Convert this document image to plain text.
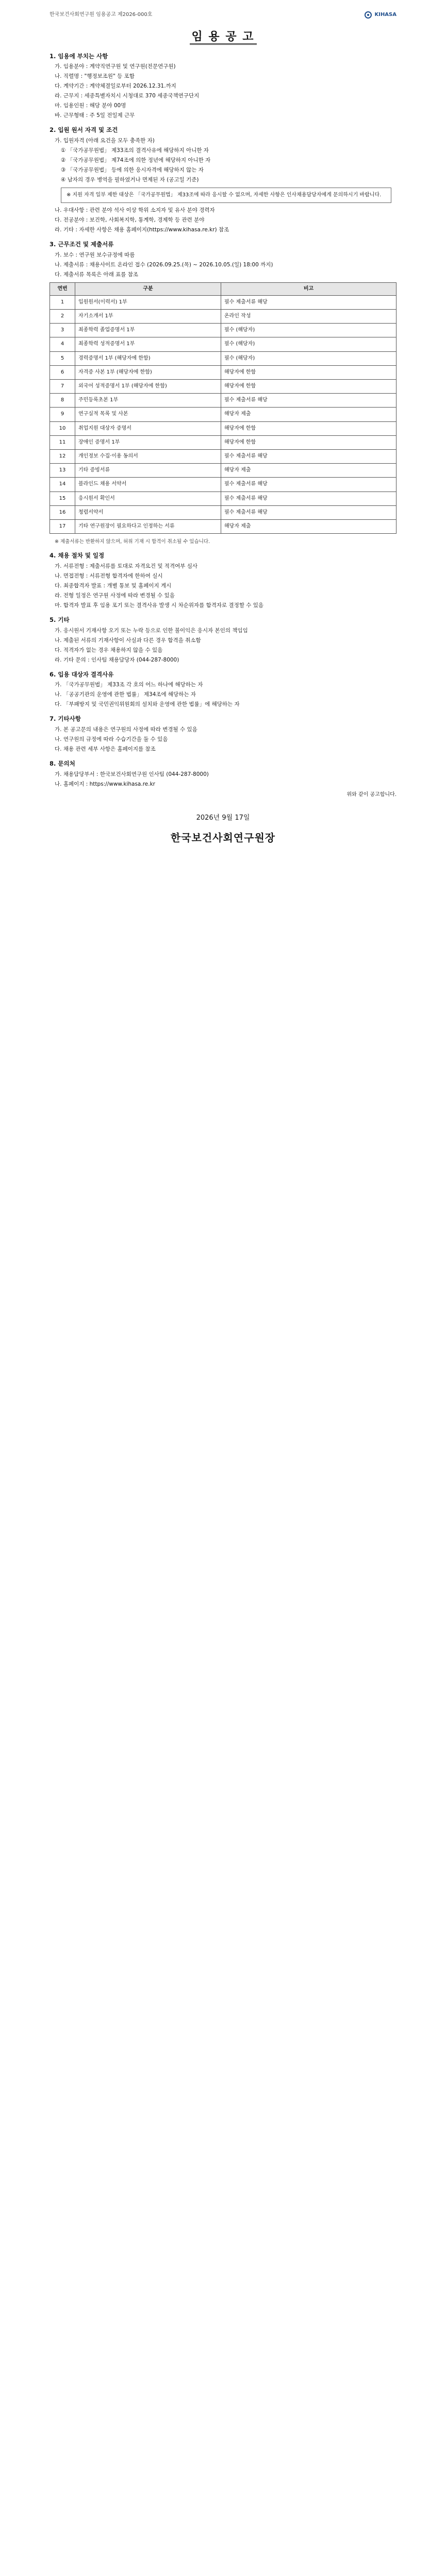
한국보건사회연구원 임용공고 제2026-000호	KIHASA
임 용 공 고
1. 임용에 부치는 사항
가. 임용분야 : 계약직연구원 및 연구원(전문연구원)
나. 직렬명 : "행정보조원" 등 포함
다. 계약기간 : 계약체결일로부터 2026.12.31.까지
라. 근무지 : 세종특별자치시 시청대로 370 세종국책연구단지
마. 임용인원 : 해당 분야 00명
바. 근무형태 : 주 5일 전일제 근무
2. 입원 원서 자격 및 조건
가. 입원자격 (아래 요건을 모두 충족한 자)
① 「국가공무원법」 제33조의 결격사유에 해당하지 아니한 자
② 「국가공무원법」 제74조에 의한 정년에 해당하지 아니한 자
③ 「국가공무원법」 등에 의한 응시자격에 해당하지 않는 자
④ 남자의 경우 병역을 필하였거나 면제된 자 (공고일 기준)
※ 지원 자격 일부 제한 대상은 「국가공무원법」 제33조에 따라 응시할 수 없으며, 자세한 사항은 인사채용담당자에게 문의하시기 바랍니다.
나. 우대사항 : 관련 분야 석사 이상 학위 소지자 및 유사 분야 경력자
다. 전공분야 : 보건학, 사회복지학, 통계학, 경제학 등 관련 분야
라. 기타 : 자세한 사항은 채용 홈페이지(https://www.kihasa.re.kr) 참조
3. 근무조건 및 제출서류
가. 보수 : 연구원 보수규정에 따름
나. 제출서류 : 채용사이트 온라인 접수 (2026.09.25.(목) ~ 2026.10.05.(일) 18:00 까지)
다. 제출서류 목록은 아래 표를 참조
연번	구분	비고
1	입원원서(이력서) 1부	필수 제출서류 해당
2	자기소개서 1부	온라인 작성
3	최종학력 졸업증명서 1부	필수 (해당자)
4	최종학력 성적증명서 1부	필수 (해당자)
5	경력증명서 1부 (해당자에 한함)	필수 (해당자)
6	자격증 사본 1부 (해당자에 한함)	해당자에 한함
7	외국어 성적증명서 1부 (해당자에 한함)	해당자에 한함
8	주민등록초본 1부	필수 제출서류 해당
9	연구실적 목록 및 사본	해당자 제출
10	취업지원 대상자 증명서	해당자에 한함
11	장애인 증명서 1부	해당자에 한함
12	개인정보 수집·이용 동의서	필수 제출서류 해당
13	기타 증빙서류	해당자 제출
14	블라인드 채용 서약서	필수 제출서류 해당
15	응시원서 확인서	필수 제출서류 해당
16	청렴서약서	필수 제출서류 해당
17	기타 연구원장이 필요하다고 인정하는 서류	해당자 제출
※ 제출서류는 반환하지 않으며, 허위 기재 시 합격이 취소될 수 있습니다.
4. 채용 절차 및 일정
가. 서류전형 : 제출서류를 토대로 자격요건 및 적격여부 심사
나. 면접전형 : 서류전형 합격자에 한하여 실시
다. 최종합격자 발표 : 개별 통보 및 홈페이지 게시
라. 전형 일정은 연구원 사정에 따라 변경될 수 있음
마. 합격자 발표 후 임용 포기 또는 결격사유 발생 시 차순위자를 합격자로 결정할 수 있음
5. 기타
가. 응시원서 기재사항 오기 또는 누락 등으로 인한 불이익은 응시자 본인의 책임임
나. 제출된 서류의 기재사항이 사실과 다른 경우 합격을 취소함
다. 적격자가 없는 경우 채용하지 않을 수 있음
라. 기타 문의 : 인사팀 채용담당자 (044-287-8000)
6. 입용 대상자 결격사유
가. 「국가공무원법」 제33조 각 호의 어느 하나에 해당하는 자
나. 「공공기관의 운영에 관한 법률」 제34조에 해당하는 자
다. 「부패방지 및 국민권익위원회의 설치와 운영에 관한 법률」에 해당하는 자
7. 기타사항
가. 본 공고문의 내용은 연구원의 사정에 따라 변경될 수 있음
나. 연구원의 규정에 따라 수습기간을 둘 수 있음
다. 채용 관련 세부 사항은 홈페이지를 참조
8. 문의처
가. 채용담당부서 : 한국보건사회연구원 인사팀 (044-287-8000)
나. 홈페이지 : https://www.kihasa.re.kr
위와 같이 공고합니다.
2026년 9월 17일
한국보건사회연구원장
